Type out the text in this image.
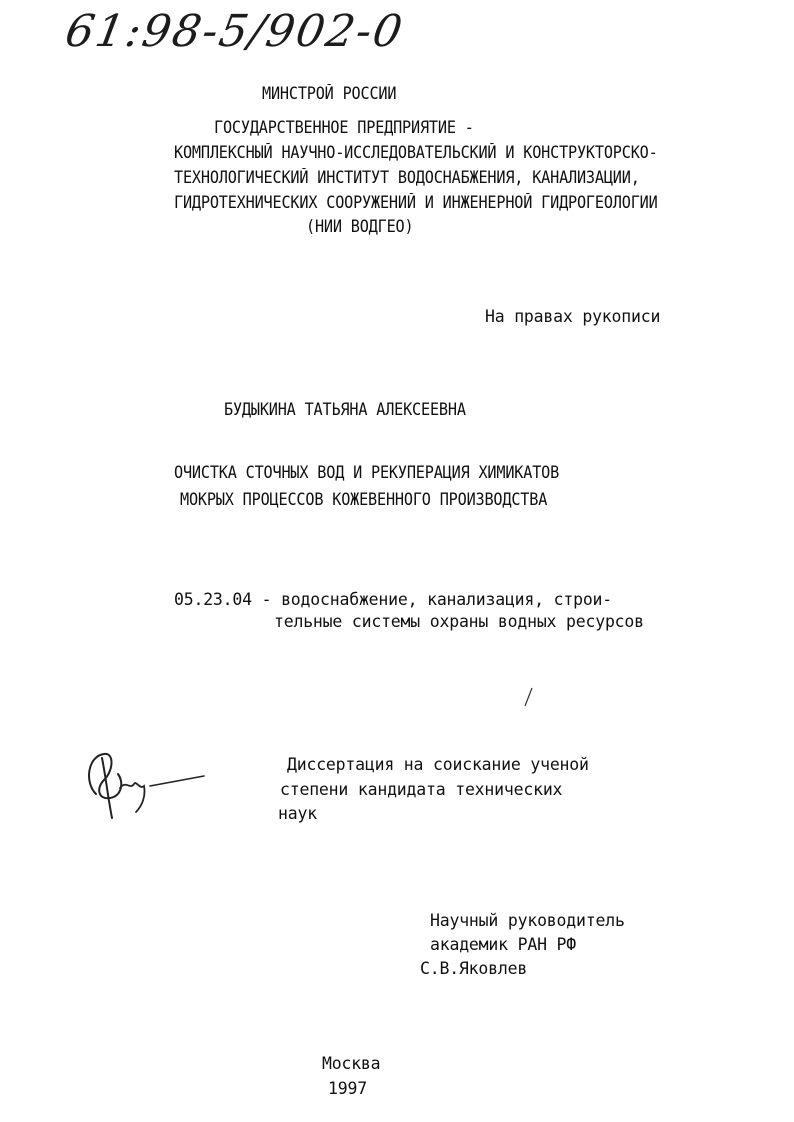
61:98-5/902-0
МИНСТРОЙ РОССИИ
ГОСУДАРСТВЕННОЕ ПРЕДПРИЯТИЕ -
КОМПЛЕКСНЫЙ НАУЧНО-ИССЛЕДОВАТЕЛЬСКИЙ И КОНСТРУКТОРСКО-
ТЕХНОЛОГИЧЕСКИЙ ИНСТИТУТ ВОДОСНАБЖЕНИЯ, КАНАЛИЗАЦИИ,
ГИДРОТЕХНИЧЕСКИХ СООРУЖЕНИЙ И ИНЖЕНЕРНОЙ ГИДРОГЕОЛОГИИ
(НИИ ВОДГЕО)
На правах рукописи
БУДЫКИНА ТАТЬЯНА АЛЕКСЕЕВНА
ОЧИСТКА СТОЧНЫХ ВОД И РЕКУПЕРАЦИЯ ХИМИКАТОВ
МОКРЫХ ПРОЦЕССОВ КОЖЕВЕННОГО ПРОИЗВОДСТВА
05.23.04 - водоснабжение, канализация, строи-
тельные системы охраны водных ресурсов
Диссертация на соискание ученой
степени кандидата технических
наук
Научный руководитель
академик РАН РФ
С.В.Яковлев
Москва
1997
